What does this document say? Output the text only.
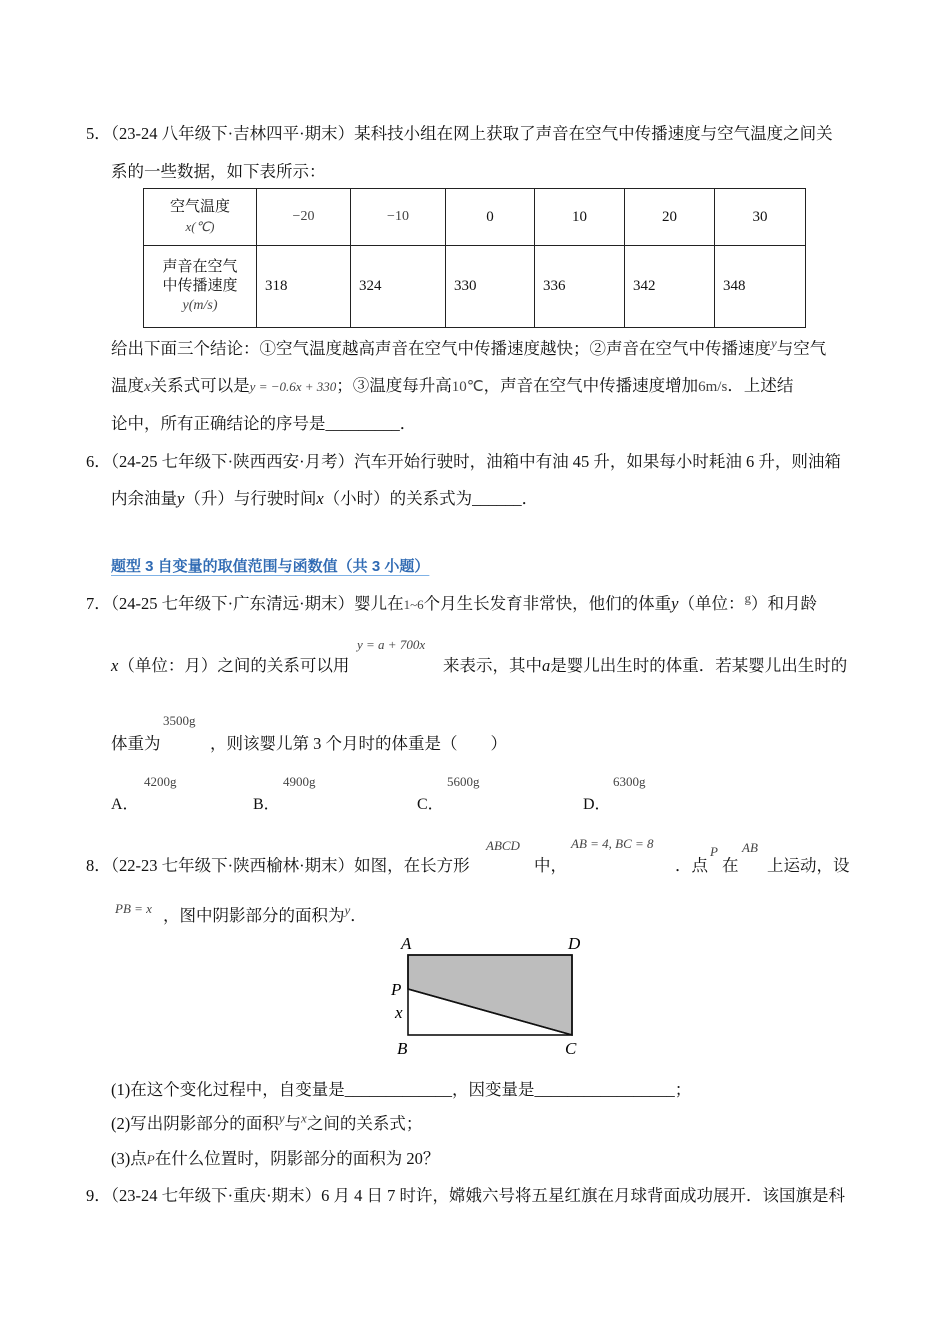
5．（23-24 八年级下·吉林四平·期末）某科技小组在网上获取了声音在空气中传播速度与空气温度之间关
系的一些数据，如下表所示：
空气温度
x(℃)	−20	−10	0	10	20	30

声音在空气
中传播速度
y(m/s)	318	324	330	336	342	348
给出下面三个结论：①空气温度越高声音在空气中传播速度越快；②声音在空气中传播速度$^y$与空气
温度x关系式可以是y = −0.6x + 330；③温度每升高10℃，声音在空气中传播速度增加6m/s．上述结
论中，所有正确结论的序号是_________．
6．（24-25 七年级下·陕西西安·月考）汽车开始行驶时，油箱中有油 45 升，如果每小时耗油 6 升，则油箱
内余油量y（升）与行驶时间x（小时）的关系式为______．
题型 3 自变量的取值范围与函数值（共 3 小题）
7．（24-25 七年级下·广东清远·期末）婴儿在1~6个月生长发育非常快，他们的体重y（单位：$^g$）和月龄
x（单位：月）之间的关系可以用
y = a + 700x
来表示，其中a是婴儿出生时的体重．若某婴儿出生时的
体重为
3500g
，则该婴儿第 3 个月时的体重是（　　）
A．
4200g
B．
4900g
C．
5600g
D．
6300g
8．（22-23 七年级下·陕西榆林·期末）如图，在长方形
ABCD
中，
AB = 4, BC = 8
．点
P
在
AB
上运动，设
PB = x ，图中阴影部分的面积为$^y$．
A	D
P
x
B	C
(1)在这个变化过程中，自变量是_____________，因变量是_________________；
(2)写出阴影部分的面积$^y$与$^x$之间的关系式；
(3)点P在什么位置时，阴影部分的面积为 20？
9．（23-24 七年级下·重庆·期末）6 月 4 日 7 时许，嫦娥六号将五星红旗在月球背面成功展开．该国旗是科
